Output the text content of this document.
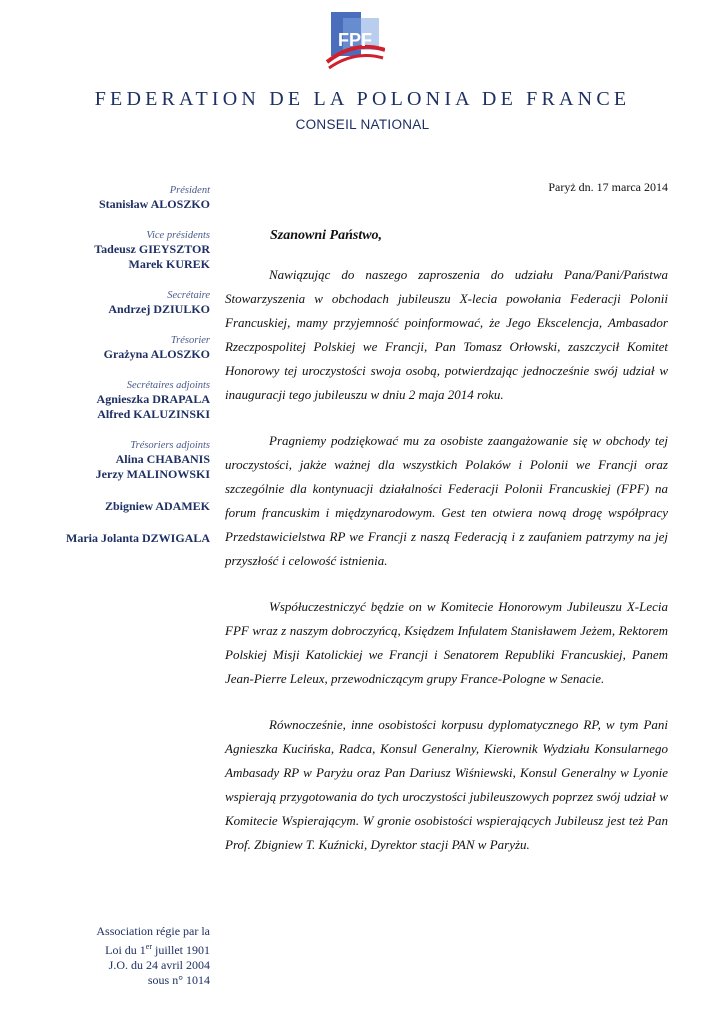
FPF
FEDERATION DE LA POLONIA DE FRANCE
CONSEIL NATIONAL
Président
Stanisław ALOSZKO
Vice présidents
Tadeusz GIEYSZTOR
Marek KUREK
Secrétaire
Andrzej DZIULKO
Trésorier
Grażyna ALOSZKO
Secrétaires adjoints
Agnieszka DRAPALA
Alfred KALUZINSKI
Trésoriers adjoints
Alina CHABANIS
Jerzy MALINOWSKI
Zbigniew ADAMEK
Maria Jolanta DZWIGALA
Association régie par la
Loi du 1er juillet 1901
J.O. du 24 avril 2004
sous n° 1014
Paryż dn. 17 marca 2014
Szanowni Państwo,

Nawiązując do naszego zaproszenia do udziału Pana/Pani/Państwa Stowarzyszenia w obchodach jubileuszu X-lecia powołania Federacji Polonii Francuskiej, mamy przyjemność poinformować, że Jego Ekscelencja, Ambasador Rzeczpospolitej Polskiej we Francji, Pan Tomasz Orłowski, zaszczycił Komitet Honorowy tej uroczystości swoja osobą, potwierdzając jednocześnie swój udział w inauguracji tego jubileuszu w dniu 2 maja 2014 roku.

Pragniemy podziękować mu za osobiste zaangażowanie się w obchody tej uroczystości, jakże ważnej dla wszystkich Polaków i Polonii we Francji oraz szczególnie dla kontynuacji działalności Federacji Polonii Francuskiej (FPF) na forum francuskim i międzynarodowym. Gest ten otwiera nową drogę współpracy Przedstawicielstwa RP we Francji z naszą Federacją i z zaufaniem patrzymy na jej przyszłość i celowość istnienia.

Współuczestniczyć będzie on w Komitecie Honorowym Jubileuszu X-Lecia FPF wraz z naszym dobroczyńcą, Księdzem Infulatem Stanisławem Jeżem, Rektorem Polskiej Misji Katolickiej we Francji i Senatorem Republiki Francuskiej, Panem Jean-Pierre Leleux, przewodniczącym grupy France-Pologne w Senacie.

Równocześnie, inne osobistości korpusu dyplomatycznego RP, w tym Pani Agnieszka Kucińska, Radca, Konsul Generalny, Kierownik Wydziału Konsularnego Ambasady RP w Paryżu oraz Pan Dariusz Wiśniewski, Konsul Generalny w Lyonie wspierają przygotowania do tych uroczystości jubileuszowych poprzez swój udział w Komitecie Wspierającym. W gronie osobistości wspierających Jubileusz jest też Pan Prof. Zbigniew T. Kuźnicki, Dyrektor stacji PAN w Paryżu.
